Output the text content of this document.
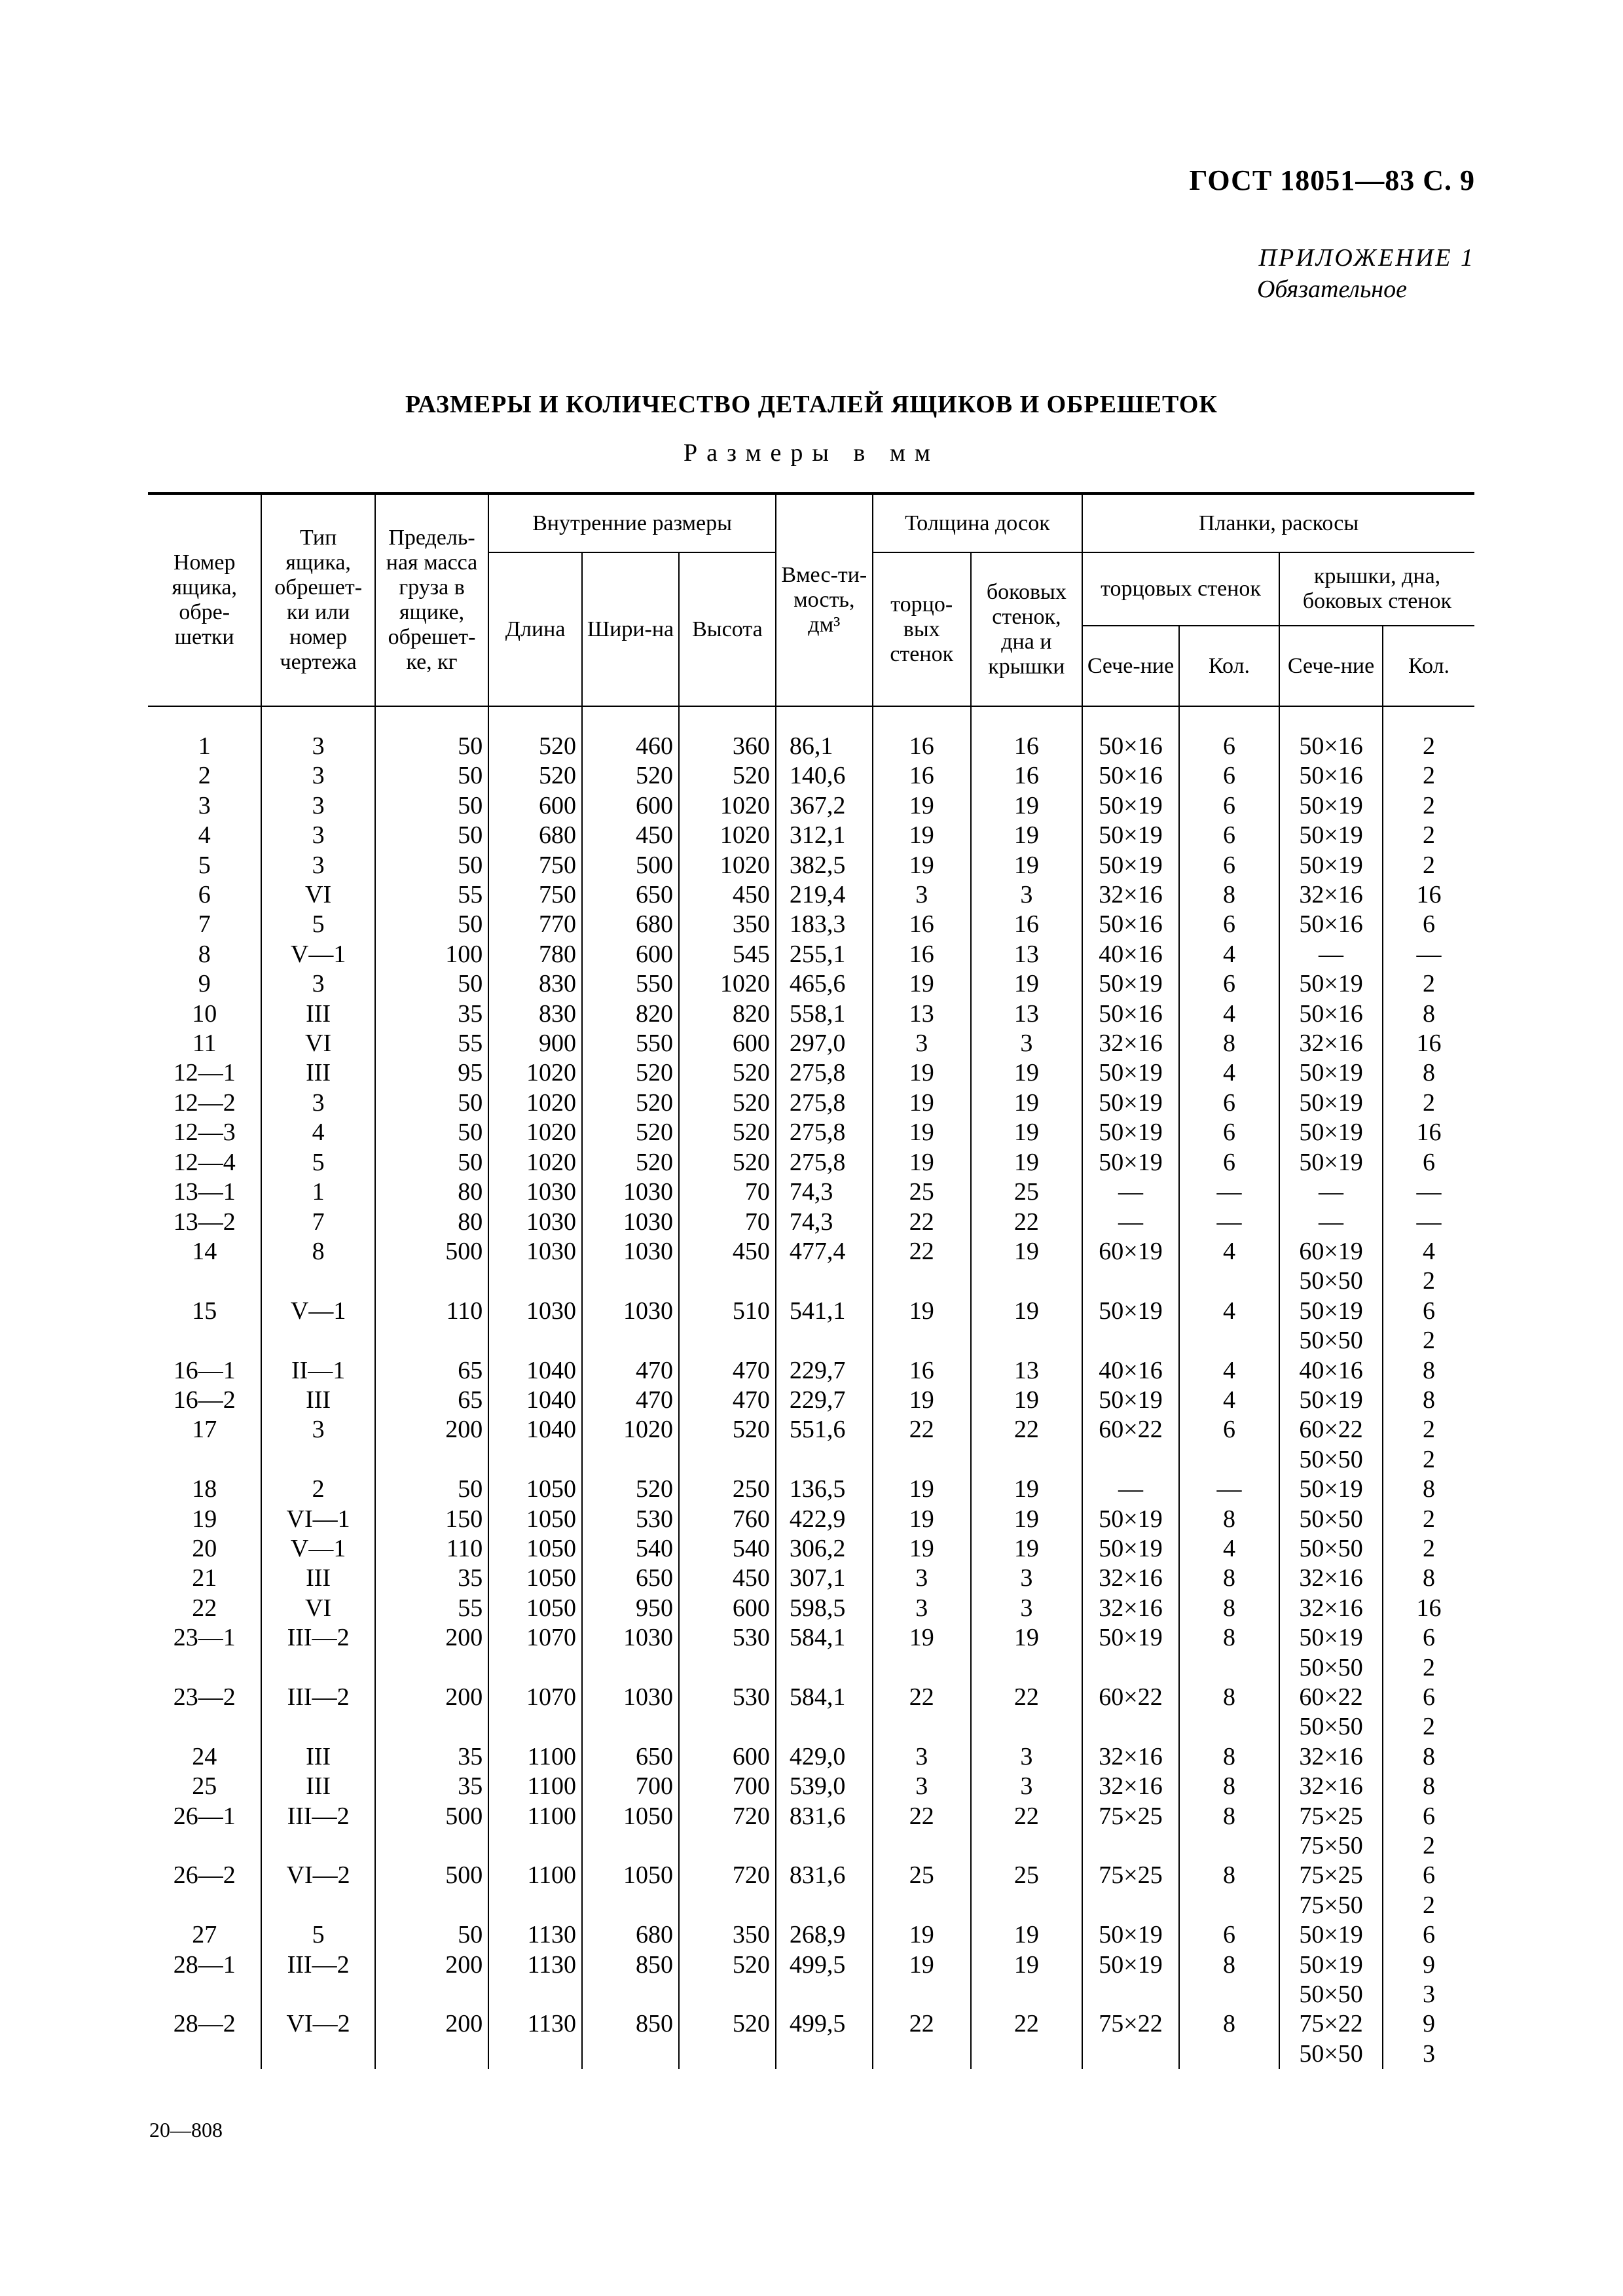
ГОСТ 18051—83 С. 9
ПРИЛОЖЕНИЕ 1
Обязательное
РАЗМЕРЫ И КОЛИЧЕСТВО ДЕТАЛЕЙ ЯЩИКОВ И ОБРЕШЕТОК
Размеры в мм
Номер ящика, обре-шетки	Тип ящика, обрешет-ки или номер чертежа	Предель-ная масса груза в ящике, обрешет-ке, кг	Внутренние размеры			Вмес-ти-мость, дм³	Толщина досок		Планки, раскосы			
			Длина	Шири-на	Высота		торцо-вых стенок	боковых стенок, дна и крышки	торцовых стенок		крышки, дна, боковых стенок	
									Сече-ние	Кол.	Сече-ние	Кол.

1	3	50	520	460	360	86,1	16	16	50×16	6	50×16	2
2	3	50	520	520	520	140,6	16	16	50×16	6	50×16	2
3	3	50	600	600	1020	367,2	19	19	50×19	6	50×19	2
4	3	50	680	450	1020	312,1	19	19	50×19	6	50×19	2
5	3	50	750	500	1020	382,5	19	19	50×19	6	50×19	2
6	VI	55	750	650	450	219,4	3	3	32×16	8	32×16	16
7	5	50	770	680	350	183,3	16	16	50×16	6	50×16	6
8	V—1	100	780	600	545	255,1	16	13	40×16	4	—	—
9	3	50	830	550	1020	465,6	19	19	50×19	6	50×19	2
10	III	35	830	820	820	558,1	13	13	50×16	4	50×16	8
11	VI	55	900	550	600	297,0	3	3	32×16	8	32×16	16
12—1	III	95	1020	520	520	275,8	19	19	50×19	4	50×19	8
12—2	3	50	1020	520	520	275,8	19	19	50×19	6	50×19	2
12—3	4	50	1020	520	520	275,8	19	19	50×19	6	50×19	16
12—4	5	50	1020	520	520	275,8	19	19	50×19	6	50×19	6
13—1	1	80	1030	1030	70	74,3	25	25	—	—	—	—
13—2	7	80	1030	1030	70	74,3	22	22	—	—	—	—
14	8	500	1030	1030	450	477,4	22	19	60×19	4	60×19	4
											50×50	2
15	V—1	110	1030	1030	510	541,1	19	19	50×19	4	50×19	6
											50×50	2
16—1	II—1	65	1040	470	470	229,7	16	13	40×16	4	40×16	8
16—2	III	65	1040	470	470	229,7	19	19	50×19	4	50×19	8
17	3	200	1040	1020	520	551,6	22	22	60×22	6	60×22	2
											50×50	2
18	2	50	1050	520	250	136,5	19	19	—	—	50×19	8
19	VI—1	150	1050	530	760	422,9	19	19	50×19	8	50×50	2
20	V—1	110	1050	540	540	306,2	19	19	50×19	4	50×50	2
21	III	35	1050	650	450	307,1	3	3	32×16	8	32×16	8
22	VI	55	1050	950	600	598,5	3	3	32×16	8	32×16	16
23—1	III—2	200	1070	1030	530	584,1	19	19	50×19	8	50×19	6
											50×50	2
23—2	III—2	200	1070	1030	530	584,1	22	22	60×22	8	60×22	6
											50×50	2
24	III	35	1100	650	600	429,0	3	3	32×16	8	32×16	8
25	III	35	1100	700	700	539,0	3	3	32×16	8	32×16	8
26—1	III—2	500	1100	1050	720	831,6	22	22	75×25	8	75×25	6
											75×50	2
26—2	VI—2	500	1100	1050	720	831,6	25	25	75×25	8	75×25	6
											75×50	2
27	5	50	1130	680	350	268,9	19	19	50×19	6	50×19	6
28—1	III—2	200	1130	850	520	499,5	19	19	50×19	8	50×19	9
											50×50	3
28—2	VI—2	200	1130	850	520	499,5	22	22	75×22	8	75×22	9
											50×50	3
20—808
